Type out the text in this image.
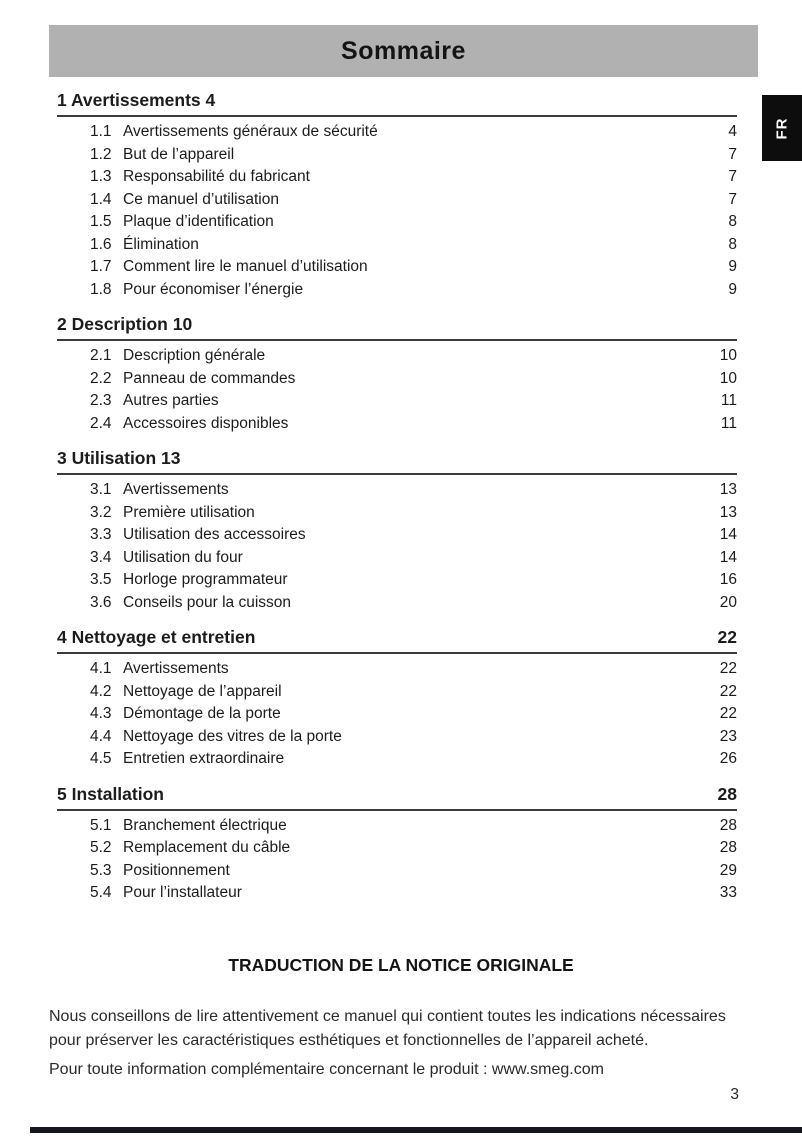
Sommaire
FR
1 Avertissements 4
1.1 Avertissements généraux de sécurité	4
1.2 But de l’appareil	7
1.3 Responsabilité du fabricant	7
1.4 Ce manuel d’utilisation	7
1.5 Plaque d’identification	8
1.6 Élimination	8
1.7 Comment lire le manuel d’utilisation	9
1.8 Pour économiser l’énergie	9
2 Description 10
2.1 Description générale	10
2.2 Panneau de commandes	10
2.3 Autres parties	11
2.4 Accessoires disponibles	11
3 Utilisation 13
3.1 Avertissements	13
3.2 Première utilisation	13
3.3 Utilisation des accessoires	14
3.4 Utilisation du four	14
3.5 Horloge programmateur	16
3.6 Conseils pour la cuisson	20
4 Nettoyage et entretien	22
4.1 Avertissements	22
4.2 Nettoyage de l’appareil	22
4.3 Démontage de la porte	22
4.4 Nettoyage des vitres de la porte	23
4.5 Entretien extraordinaire	26
5 Installation	28
5.1 Branchement électrique	28
5.2 Remplacement du câble	28
5.3 Positionnement	29
5.4 Pour l’installateur	33
TRADUCTION DE LA NOTICE ORIGINALE

Nous conseillons de lire attentivement ce manuel qui contient toutes les indications nécessaires pour préserver les caractéristiques esthétiques et fonctionnelles de l’appareil acheté.

Pour toute information complémentaire concernant le produit : www.smeg.com

3
